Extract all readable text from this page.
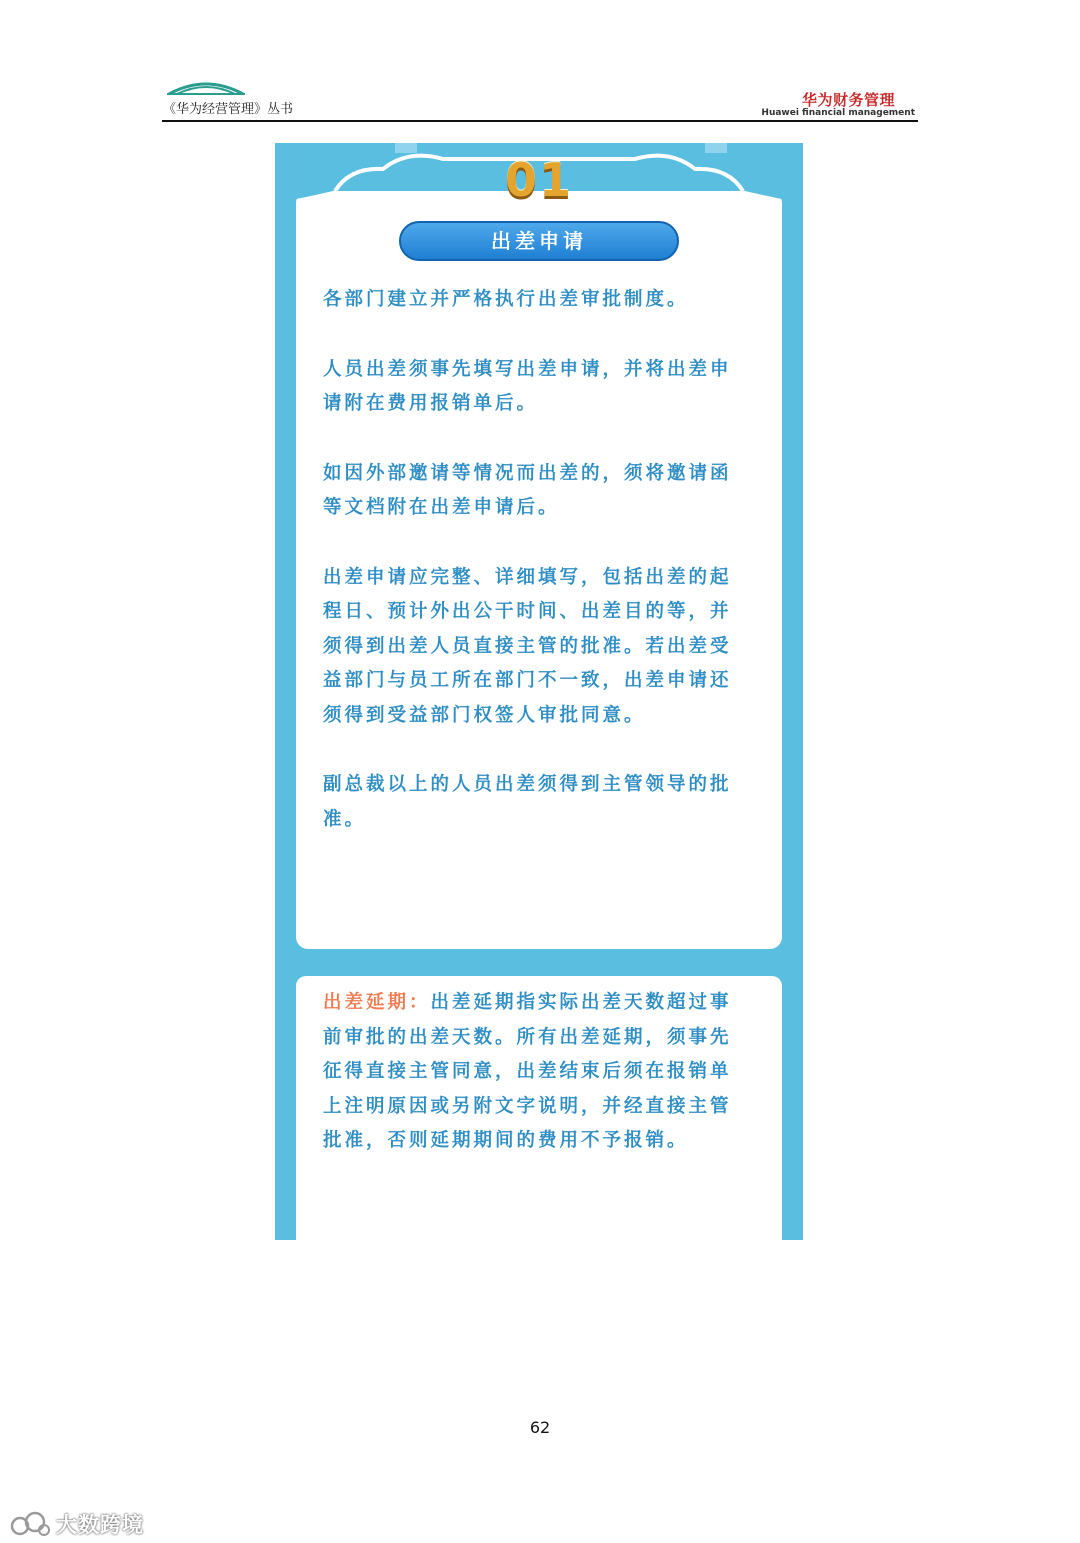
《华为经营管理》丛书
华为财务管理
Huawei financial management
01
出差申请

各部门建立并严格执行出差审批制度。

人员出差须事先填写出差申请，并将出差申请附在费用报销单后。

如因外部邀请等情况而出差的，须将邀请函等文档附在出差申请后。

出差申请应完整、详细填写，包括出差的起程日、预计外出公干时间、出差目的等，并须得到出差人员直接主管的批准。若出差受益部门与员工所在部门不一致，出差申请还须得到受益部门权签人审批同意。

副总裁以上的人员出差须得到主管领导的批准。

出差延期：出差延期指实际出差天数超过事前审批的出差天数。所有出差延期，须事先征得直接主管同意，出差结束后须在报销单上注明原因或另附文字说明，并经直接主管批准，否则延期期间的费用不予报销。
62
大数跨境
